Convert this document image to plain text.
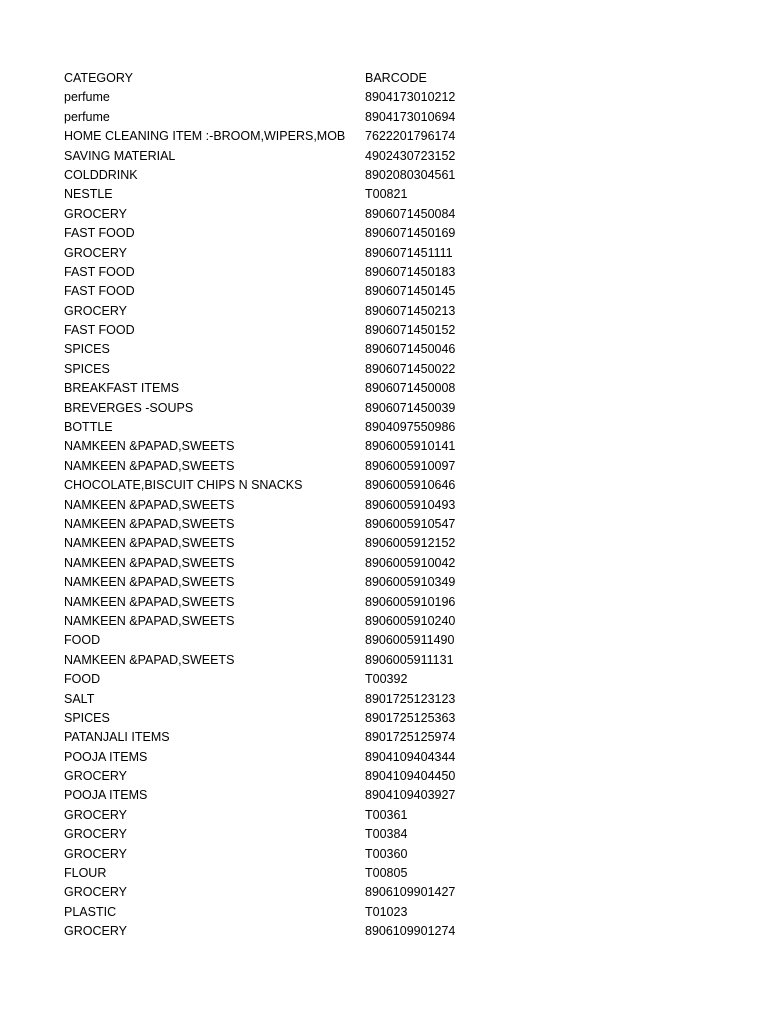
CATEGORY	BARCODE
perfume	8904173010212
perfume	8904173010694
HOME CLEANING ITEM :-BROOM,WIPERS,MOB	7622201796174
SAVING MATERIAL	4902430723152
COLDDRINK	8902080304561
NESTLE	T00821
GROCERY	8906071450084
FAST FOOD	8906071450169
GROCERY	8906071451111
FAST FOOD	8906071450183
FAST FOOD	8906071450145
GROCERY	8906071450213
FAST FOOD	8906071450152
SPICES	8906071450046
SPICES	8906071450022
BREAKFAST ITEMS	8906071450008
BREVERGES -SOUPS	8906071450039
BOTTLE	8904097550986
NAMKEEN &PAPAD,SWEETS	8906005910141
NAMKEEN &PAPAD,SWEETS	8906005910097
CHOCOLATE,BISCUIT CHIPS N SNACKS	8906005910646
NAMKEEN &PAPAD,SWEETS	8906005910493
NAMKEEN &PAPAD,SWEETS	8906005910547
NAMKEEN &PAPAD,SWEETS	8906005912152
NAMKEEN &PAPAD,SWEETS	8906005910042
NAMKEEN &PAPAD,SWEETS	8906005910349
NAMKEEN &PAPAD,SWEETS	8906005910196
NAMKEEN &PAPAD,SWEETS	8906005910240
FOOD	8906005911490
NAMKEEN &PAPAD,SWEETS	8906005911131
FOOD	T00392
SALT	8901725123123
SPICES	8901725125363
PATANJALI ITEMS	8901725125974
POOJA ITEMS	8904109404344
GROCERY	8904109404450
POOJA ITEMS	8904109403927
GROCERY	T00361
GROCERY	T00384
GROCERY	T00360
FLOUR	T00805
GROCERY	8906109901427
PLASTIC	T01023
GROCERY	8906109901274
